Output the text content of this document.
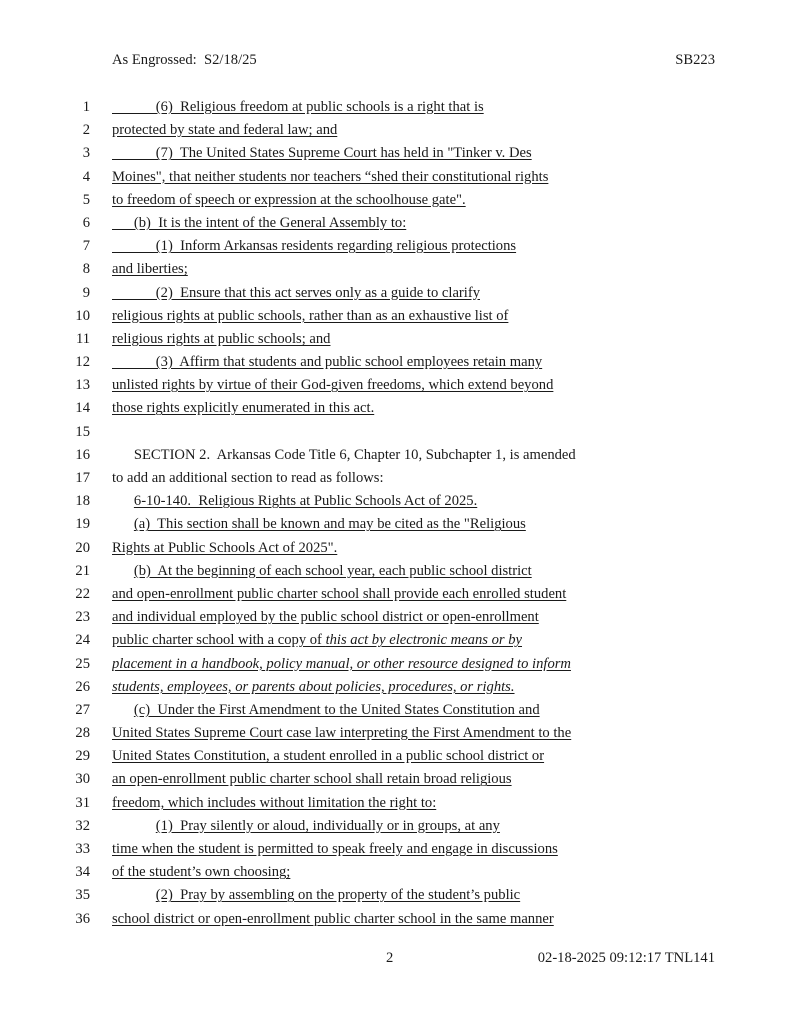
As Engrossed:  S2/18/25	SB223
1 (6)  Religious freedom at public schools is a right that is
2 protected by state and federal law; and
3 (7)  The United States Supreme Court has held in "Tinker v. Des
4 Moines", that neither students nor teachers “shed their constitutional rights
5 to freedom of speech or expression at the schoolhouse gate".
6 (b)  It is the intent of the General Assembly to:
7 (1)  Inform Arkansas residents regarding religious protections
8 and liberties;
9 (2)  Ensure that this act serves only as a guide to clarify
10 religious rights at public schools, rather than as an exhaustive list of
11 religious rights at public schools; and
12 (3)  Affirm that students and public school employees retain many
13 unlisted rights by virtue of their God-given freedoms, which extend beyond
14 those rights explicitly enumerated in this act.
15
16 SECTION 2.  Arkansas Code Title 6, Chapter 10, Subchapter 1, is amended
17 to add an additional section to read as follows:
18	6-10-140.  Religious Rights at Public Schools Act of 2025.
19	(a)  This section shall be known and may be cited as the "Religious
20 Rights at Public Schools Act of 2025".
21	(b)  At the beginning of each school year, each public school district
22 and open-enrollment public charter school shall provide each enrolled student
23 and individual employed by the public school district or open-enrollment
24 public charter school with a copy of this act by electronic means or by
25 placement in a handbook, policy manual, or other resource designed to inform
26 students, employees, or parents about policies, procedures, or rights.
27	(c)  Under the First Amendment to the United States Constitution and
28 United States Supreme Court case law interpreting the First Amendment to the
29 United States Constitution, a student enrolled in a public school district or
30 an open-enrollment public charter school shall retain broad religious
31 freedom, which includes without limitation the right to:
32	(1)  Pray silently or aloud, individually or in groups, at any
33 time when the student is permitted to speak freely and engage in discussions
34 of the student’s own choosing;
35	(2)  Pray by assembling on the property of the student’s public
36 school district or open-enrollment public charter school in the same manner
2	02-18-2025 09:12:17 TNL141
